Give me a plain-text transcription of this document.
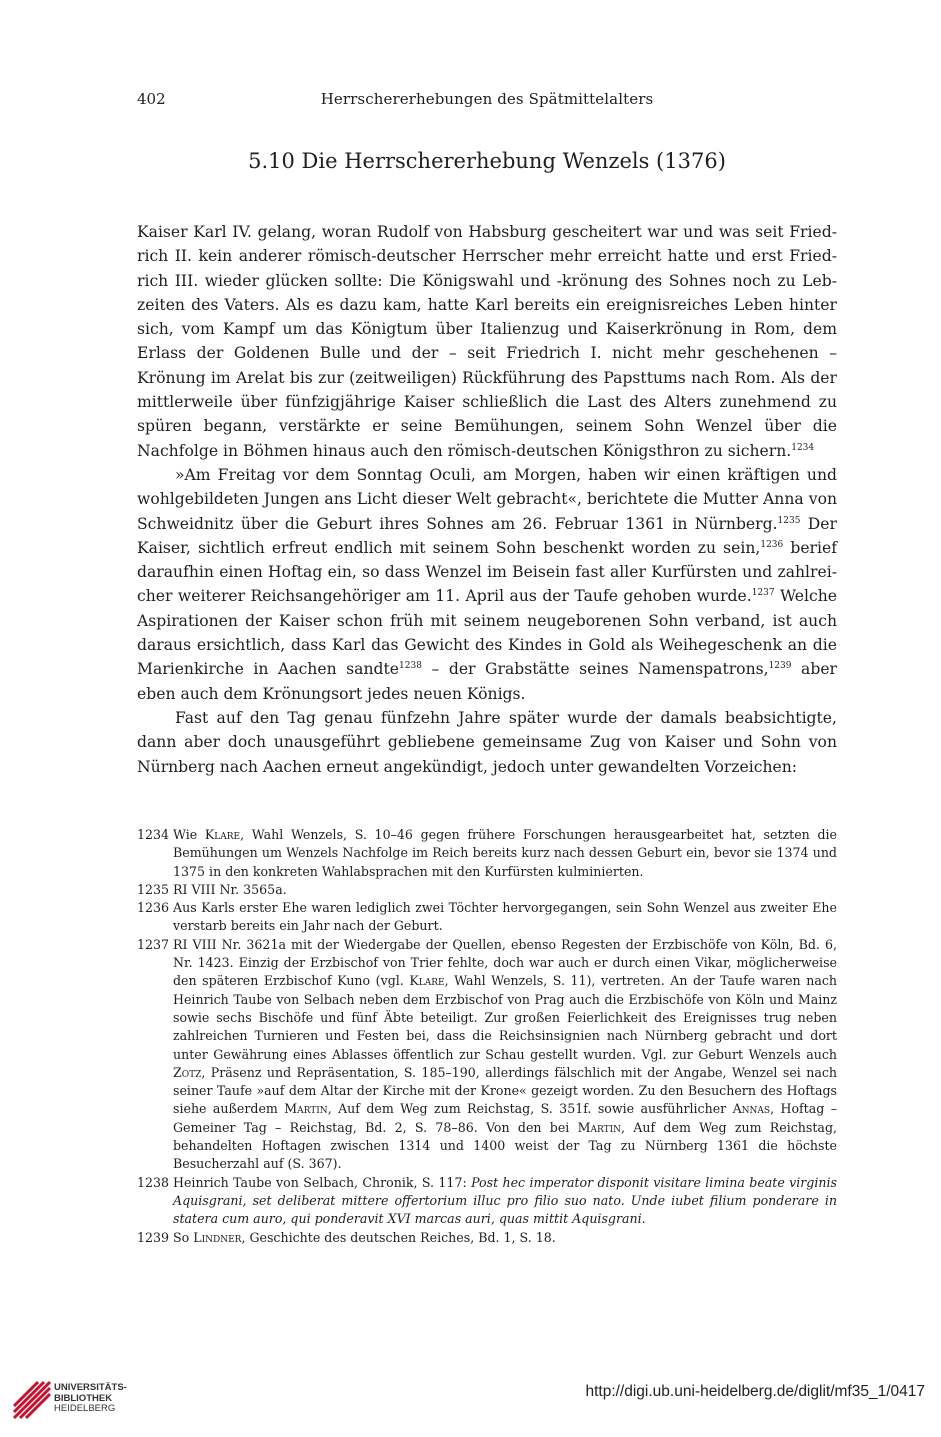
402	Herrschererhebungen des Spätmittelalters
5.10 Die Herrschererhebung Wenzels (1376)

Kaiser Karl IV. gelang, woran Rudolf von Habsburg gescheitert war und was seit Friedrich II. kein anderer römisch-deutscher Herrscher mehr erreicht hatte und erst Friedrich III. wieder glücken sollte: Die Königswahl und -krönung des Sohnes noch zu Lebzeiten des Vaters. Als es dazu kam, hatte Karl bereits ein ereignisreiches Leben hinter sich, vom Kampf um das Königtum über Italienzug und Kaiserkrönung in Rom, dem Erlass der Goldenen Bulle und der – seit Friedrich I. nicht mehr geschehenen – Krönung im Arelat bis zur (zeitweiligen) Rückführung des Papsttums nach Rom. Als der mittlerweile über fünfzigjährige Kaiser schließlich die Last des Alters zunehmend zu spüren begann, verstärkte er seine Bemühungen, seinem Sohn Wenzel über die Nachfolge in Böhmen hinaus auch den römisch-deutschen Königsthron zu sichern.$^{1234}$

»Am Freitag vor dem Sonntag Oculi, am Morgen, haben wir einen kräftigen und wohlgebildeten Jungen ans Licht dieser Welt gebracht«, berichtete die Mutter Anna von Schweidnitz über die Geburt ihres Sohnes am 26. Februar 1361 in Nürnberg.$^{1235}$ Der Kaiser, sichtlich erfreut endlich mit seinem Sohn beschenkt worden zu sein,$^{1236}$ berief daraufhin einen Hoftag ein, so dass Wenzel im Beisein fast aller Kurfürsten und zahlreicher weiterer Reichsangehöriger am 11. April aus der Taufe gehoben wurde.$^{1237}$ Welche Aspirationen der Kaiser schon früh mit seinem neugeborenen Sohn verband, ist auch daraus ersichtlich, dass Karl das Gewicht des Kindes in Gold als Weihegeschenk an die Marienkirche in Aachen sandte$^{1238}$ – der Grabstätte seines Namenspatrons,$^{1239}$ aber eben auch dem Krönungsort jedes neuen Königs.

Fast auf den Tag genau fünfzehn Jahre später wurde der damals beabsichtigte, dann aber doch unausgeführt gebliebene gemeinsame Zug von Kaiser und Sohn von Nürnberg nach Aachen erneut angekündigt, jedoch unter gewandelten Vorzeichen:

1234 Wie Klare, Wahl Wenzels, S. 10–46 gegen frühere Forschungen herausgearbeitet hat, setzten die Bemühungen um Wenzels Nachfolge im Reich bereits kurz nach dessen Geburt ein, bevor sie 1374 und 1375 in den konkreten Wahlabsprachen mit den Kurfürsten kulminierten.
1235 RI VIII Nr. 3565a.
1236 Aus Karls erster Ehe waren lediglich zwei Töchter hervorgegangen, sein Sohn Wenzel aus zweiter Ehe verstarb bereits ein Jahr nach der Geburt.
1237 RI VIII Nr. 3621a mit der Wiedergabe der Quellen, ebenso Regesten der Erzbischöfe von Köln, Bd. 6, Nr. 1423. Einzig der Erzbischof von Trier fehlte, doch war auch er durch einen Vikar, möglicherweise den späteren Erzbischof Kuno (vgl. Klare, Wahl Wenzels, S. 11), vertreten. An der Taufe waren nach Heinrich Taube von Selbach neben dem Erzbischof von Prag auch die Erzbischöfe von Köln und Mainz sowie sechs Bischöfe und fünf Äbte beteiligt. Zur großen Feierlichkeit des Ereignisses trug neben zahlreichen Turnieren und Festen bei, dass die Reichsinsignien nach Nürnberg gebracht und dort unter Gewährung eines Ablasses öffentlich zur Schau gestellt wurden. Vgl. zur Geburt Wenzels auch Zotz, Präsenz und Repräsentation, S. 185–190, allerdings fälschlich mit der Angabe, Wenzel sei nach seiner Taufe »auf dem Altar der Kirche mit der Krone« gezeigt worden. Zu den Besuchern des Hoftags siehe außerdem Martin, Auf dem Weg zum Reichstag, S. 351f. sowie ausführlicher Annas, Hoftag – Gemeiner Tag – Reichstag, Bd. 2, S. 78–86. Von den bei Martin, Auf dem Weg zum Reichstag, behandelten Hoftagen zwischen 1314 und 1400 weist der Tag zu Nürnberg 1361 die höchste Besucherzahl auf (S. 367).
1238 Heinrich Taube von Selbach, Chronik, S. 117: Post hec imperator disponit visitare limina beate virginis Aquisgrani, set deliberat mittere offertorium illuc pro filio suo nato. Unde iubet filium ponderare in statera cum auro, qui ponderavit XVI marcas auri, quas mittit Aquisgrani.
1239 So Lindner, Geschichte des deutschen Reiches, Bd. 1, S. 18.
UNIVERSITÄTS-
BIBLIOTHEK
HEIDELBERG
http://digi.ub.uni-heidelberg.de/diglit/mf35_1/0417
